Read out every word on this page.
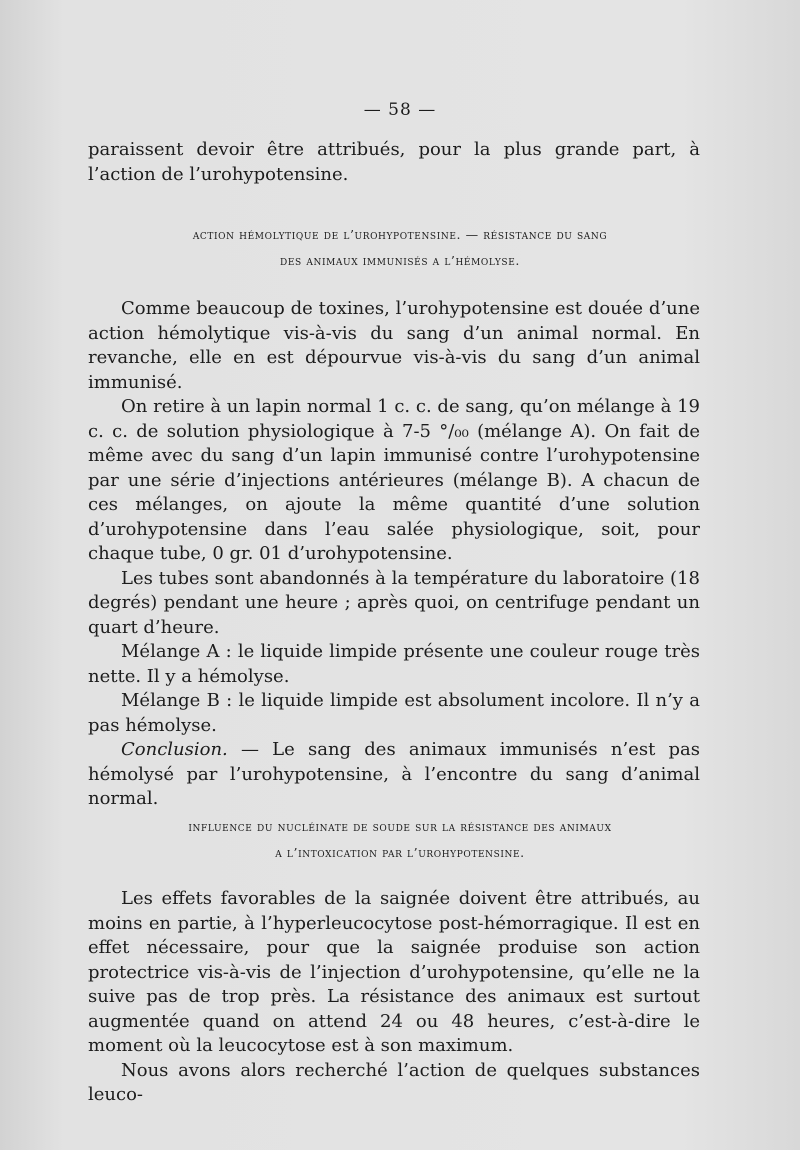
— 58 —

paraissent devoir être attribués, pour la plus grande part, à l’action de l’urohypotensine.

action hémolytique de l’urohypotensine. — résistance du sang
des animaux immunisés a l’hémolyse.

Comme beaucoup de toxines, l’urohypotensine est douée d’une action hémolytique vis-à-vis du sang d’un animal normal. En revanche, elle en est dépourvue vis-à-vis du sang d’un animal immunisé.

On retire à un lapin normal 1 c. c. de sang, qu’on mélange à 19 c. c. de solution physiologique à 7-5 °/₀₀ (mélange A). On fait de même avec du sang d’un lapin immunisé contre l’urohypotensine par une série d’injections antérieures (mélange B). A chacun de ces mélanges, on ajoute la même quantité d’une solution d’urohypotensine dans l’eau salée physiologique, soit, pour chaque tube, 0 gr. 01 d’urohypotensine.

Les tubes sont abandonnés à la température du laboratoire (18 degrés) pendant une heure ; après quoi, on centrifuge pendant un quart d’heure.

Mélange A : le liquide limpide présente une couleur rouge très nette. Il y a hémolyse.

Mélange B : le liquide limpide est absolument incolore. Il n’y a pas hémolyse.

Conclusion. — Le sang des animaux immunisés n’est pas hémolysé par l’urohypotensine, à l’encontre du sang d’animal normal.

influence du nucléinate de soude sur la résistance des animaux
a l’intoxication par l’urohypotensine.

Les effets favorables de la saignée doivent être attribués, au moins en partie, à l’hyperleucocytose post-hémorragique. Il est en effet nécessaire, pour que la saignée produise son action protectrice vis-à-vis de l’injection d’urohypotensine, qu’elle ne la suive pas de trop près. La résistance des animaux est surtout augmentée quand on attend 24 ou 48 heures, c’est-à-dire le moment où la leucocytose est à son maximum.

Nous avons alors recherché l’action de quelques substances leuco-
